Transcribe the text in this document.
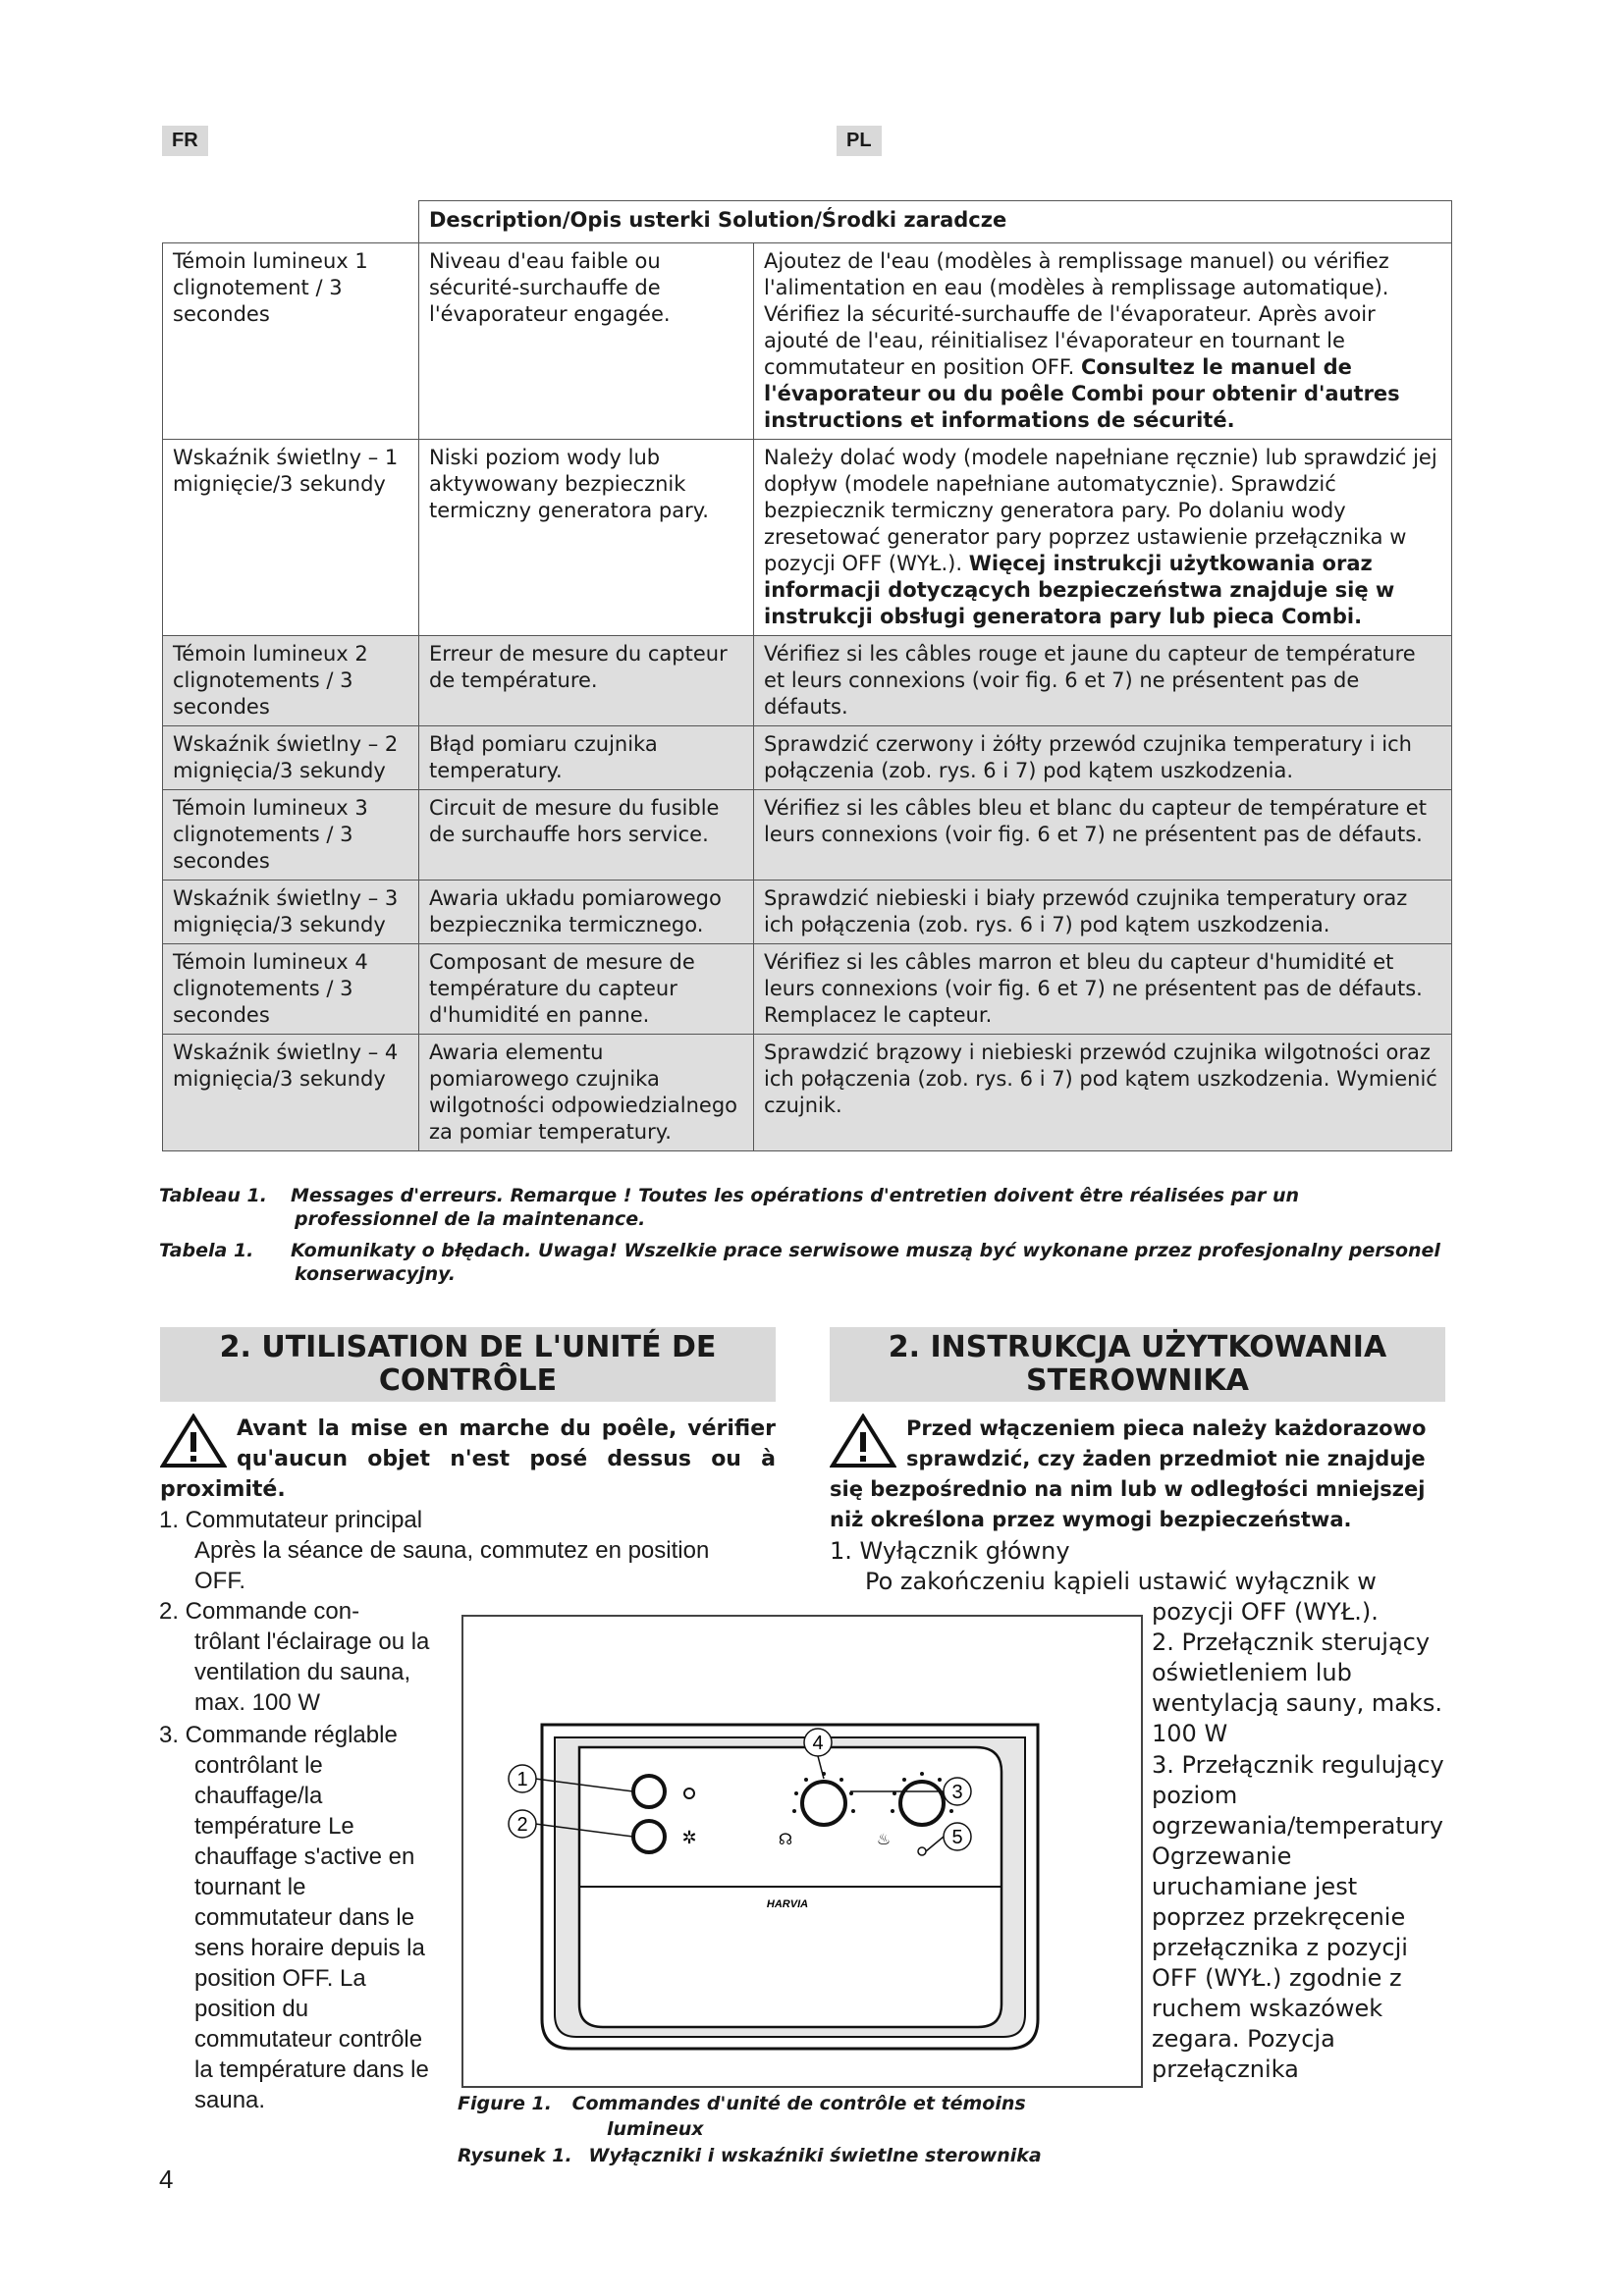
FR	PL
	Description/Opis usterki Solution/Środki zaradcze	
Témoin lumineux 1 clignotement / 3 secondes	Niveau d'eau faible ou sécurité-surchauffe de l'évaporateur engagée.	Ajoutez de l'eau (modèles à remplissage manuel) ou vérifiez l'alimentation en eau (modèles à remplissage automatique). Vérifiez la sécurité-surchauffe de l'évaporateur. Après avoir ajouté de l'eau, réinitialisez l'évaporateur en tournant le commutateur en position OFF. Consultez le manuel de l'évaporateur ou du poêle Combi pour obtenir d'autres instructions et informations de sécurité.
Wskaźnik świetlny – 1 mignięcie/3 sekundy	Niski poziom wody lub aktywowany bezpiecznik termiczny generatora pary.	Należy dolać wody (modele napełniane ręcznie) lub sprawdzić jej dopływ (modele napełniane automatycznie). Sprawdzić bezpiecznik termiczny generatora pary. Po dolaniu wody zresetować generator pary poprzez ustawienie przełącznika w pozycji OFF (WYŁ.). Więcej instrukcji użytkowania oraz informacji dotyczących bezpieczeństwa znajduje się w instrukcji obsługi generatora pary lub pieca Combi.
Témoin lumineux 2 clignotements / 3 secondes	Erreur de mesure du capteur de température.	Vérifiez si les câbles rouge et jaune du capteur de température et leurs connexions (voir fig. 6 et 7) ne présentent pas de défauts.
Wskaźnik świetlny – 2 mignięcia/3 sekundy	Błąd pomiaru czujnika temperatury.	Sprawdzić czerwony i żółty przewód czujnika temperatury i ich połączenia (zob. rys. 6 i 7) pod kątem uszkodzenia.
Témoin lumineux 3 clignotements / 3 secondes	Circuit de mesure du fusible de surchauffe hors service.	Vérifiez si les câbles bleu et blanc du capteur de température et leurs connexions (voir fig. 6 et 7) ne présentent pas de défauts.
Wskaźnik świetlny – 3 mignięcia/3 sekundy	Awaria układu pomiarowego bezpiecznika termicznego.	Sprawdzić niebieski i biały przewód czujnika temperatury oraz ich połączenia (zob. rys. 6 i 7) pod kątem uszkodzenia.
Témoin lumineux 4 clignotements / 3 secondes	Composant de mesure de température du capteur d'humidité en panne.	Vérifiez si les câbles marron et bleu du capteur d'humidité et leurs connexions (voir fig. 6 et 7) ne présentent pas de défauts. Remplacez le capteur.
Wskaźnik świetlny – 4 mignięcia/3 sekundy	Awaria elementu pomiarowego czujnika wilgotności odpowiedzialnego za pomiar temperatury.	Sprawdzić brązowy i niebieski przewód czujnika wilgotności oraz ich połączenia (zob. rys. 6 i 7) pod kątem uszkodzenia. Wymienić czujnik.
Tableau 1. Messages d'erreurs. Remarque ! Toutes les opérations d'entretien doivent être réalisées par un
professionnel de la maintenance.
Tabela 1. Komunikaty o błędach. Uwaga! Wszelkie prace serwisowe muszą być wykonane przez profesjonalny personel
konserwacyjny.
2. UTILISATION DE L'UNITÉ DE
CONTRÔLE
Avant la mise en marche du poêle, vérifier qu'aucun objet n'est posé dessus ou à proximité.
1. Commutateur principal
Après la séance de sauna, commutez en position OFF.
2. Commande con-
trôlant l'éclairage ou la ventilation du sauna, max. 100 W
3. Commande réglable
contrôlant le chauffage/la température Le chauffage s'active en tournant le commutateur dans le sens horaire depuis la position OFF. La position du commutateur contrôle la température dans le sauna.
2. INSTRUKCJA UŻYTKOWANIA
STEROWNIKA
Przed włączeniem pieca należy każdorazowo sprawdzić, czy żaden przedmiot nie znajduje się bezpośrednio na nim lub w odległości mniejszej niż określona przez wymogi bezpieczeństwa.
1. Wyłącznik główny
Po zakończeniu kąpieli ustawić wyłącznik w
pozycji OFF (WYŁ.).
2. Przełącznik sterujący oświetleniem lub wentylacją sauny, maks. 100 W
3. Przełącznik regulujący poziom ogrzewania/temperatury Ogrzewanie uruchamiane jest poprzez przekręcenie przełącznika z pozycji OFF (WYŁ.) zgodnie z ruchem wskazówek zegara. Pozycja przełącznika
HARVIA
✲	☊	♨
1
2
4
3
5
Figure 1. Commandes d'unité de contrôle et témoins
lumineux
Rysunek 1. Wyłączniki i wskaźniki świetlne sterownika
4
